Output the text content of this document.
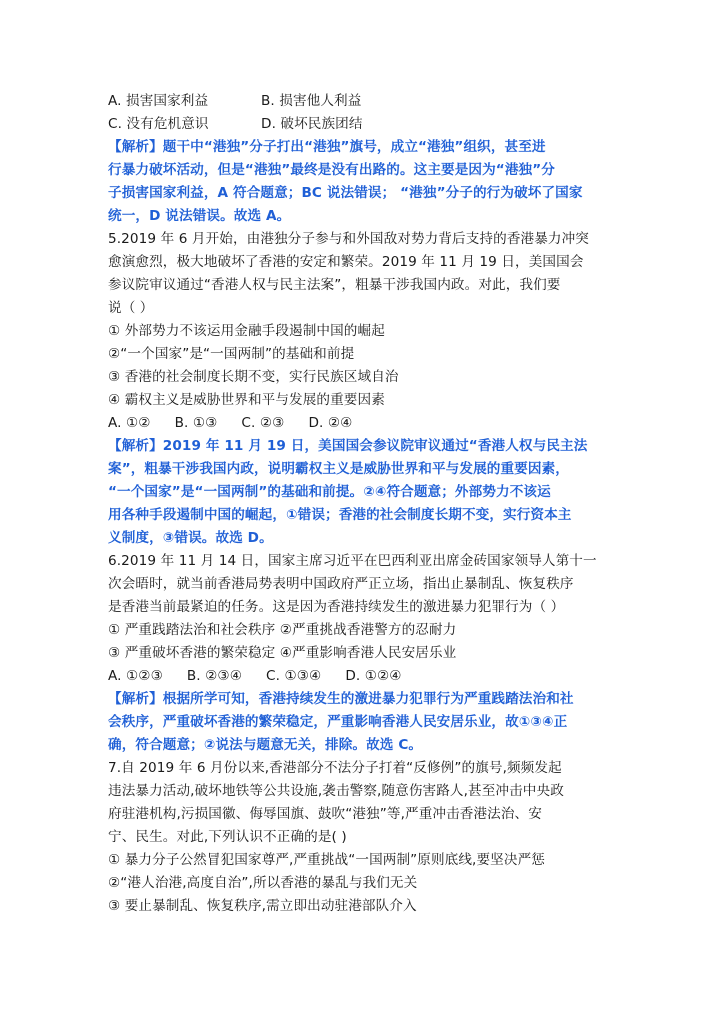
A. 损害国家利益	B. 损害他人利益
C. 没有危机意识	D. 破坏民族团结
【解析】题干中“港独”分子打出“港独”旗号，成立“港独”组织，甚至进
行暴力破坏活动，但是“港独”最终是没有出路的。这主要是因为“港独”分
子损害国家利益，A 符合题意；BC 说法错误； “港独”分子的行为破坏了国家
统一，D 说法错误。故选 A。
5.2019 年 6 月开始，由港独分子参与和外国敌对势力背后支持的香港暴力冲突
愈演愈烈，极大地破坏了香港的安定和繁荣。2019 年 11 月 19 日，美国国会
参议院审议通过“香港人权与民主法案”，粗暴干涉我国内政。对此，我们要
说（ ）
① 外部势力不该运用金融手段遏制中国的崛起
②“一个国家”是“一国两制”的基础和前提
③ 香港的社会制度长期不变，实行民族区域自治
④ 霸权主义是威胁世界和平与发展的重要因素
A. ①② B. ①③ C. ②③ D. ②④
【解析】2019 年 11 月 19 日，美国国会参议院审议通过“香港人权与民主法
案”，粗暴干涉我国内政，说明霸权主义是威胁世界和平与发展的重要因素，
“一个国家”是“一国两制”的基础和前提。②④符合题意；外部势力不该运
用各种手段遏制中国的崛起，①错误；香港的社会制度长期不变，实行资本主
义制度，③错误。故选 D。
6.2019 年 11 月 14 日，国家主席习近平在巴西利亚出席金砖国家领导人第十一
次会晤时，就当前香港局势表明中国政府严正立场，指出止暴制乱、恢复秩序
是香港当前最紧迫的任务。这是因为香港持续发生的激进暴力犯罪行为（ ）
① 严重践踏法治和社会秩序 ②严重挑战香港警方的忍耐力
③ 严重破坏香港的繁荣稳定 ④严重影响香港人民安居乐业
A. ①②③ B. ②③④ C. ①③④ D. ①②④
【解析】根据所学可知，香港持续发生的激进暴力犯罪行为严重践踏法治和社
会秩序，严重破坏香港的繁荣稳定，严重影响香港人民安居乐业，故①③④正
确，符合题意；②说法与题意无关，排除。故选 C。
7.自 2019 年 6 月份以来,香港部分不法分子打着“反修例”的旗号,频频发起
违法暴力活动,破坏地铁等公共设施,袭击警察,随意伤害路人,甚至冲击中央政
府驻港机构,污损国徽、侮辱国旗、鼓吹“港独”等,严重冲击香港法治、安
宁、民生。对此,下列认识不正确的是( )
① 暴力分子公然冒犯国家尊严,严重挑战“一国两制”原则底线,要坚决严惩
②“港人治港,高度自治”,所以香港的暴乱与我们无关
③ 要止暴制乱、恢复秩序,需立即出动驻港部队介入
